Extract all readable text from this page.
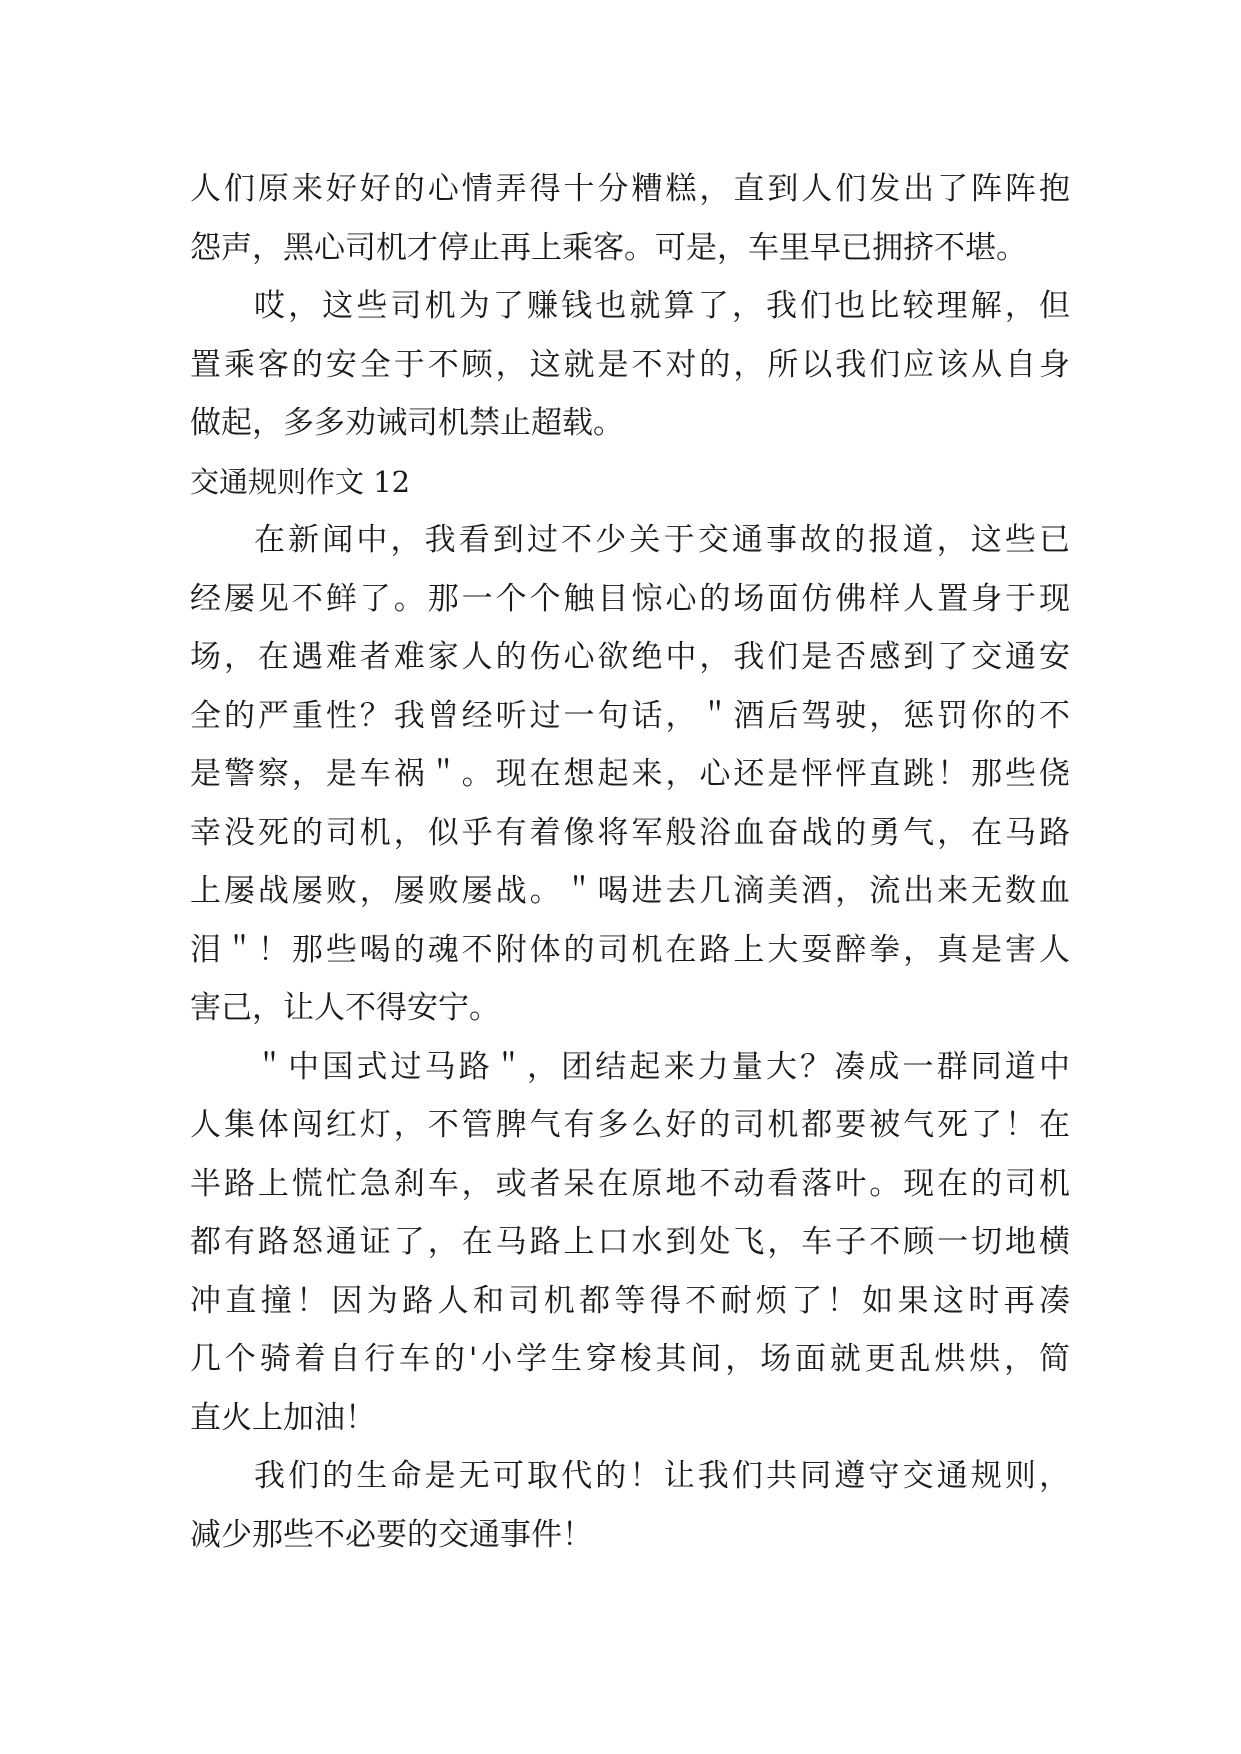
人们原来好好的心情弄得十分糟糕，直到人们发出了阵阵抱
怨声，黑心司机才停止再上乘客。可是，车里早已拥挤不堪。
哎，这些司机为了赚钱也就算了，我们也比较理解，但
置乘客的安全于不顾，这就是不对的，所以我们应该从自身
做起，多多劝诫司机禁止超载。
交通规则作文 12
在新闻中，我看到过不少关于交通事故的报道，这些已
经屡见不鲜了。那一个个触目惊心的场面仿佛样人置身于现
场，在遇难者难家人的伤心欲绝中，我们是否感到了交通安
全的严重性？我曾经听过一句话，＂酒后驾驶，惩罚你的不
是警察，是车祸＂。现在想起来，心还是怦怦直跳！那些侥
幸没死的司机，似乎有着像将军般浴血奋战的勇气，在马路
上屡战屡败，屡败屡战。＂喝进去几滴美酒，流出来无数血
泪＂！那些喝的魂不附体的司机在路上大耍醉拳，真是害人
害己，让人不得安宁。
＂中国式过马路＂，团结起来力量大？凑成一群同道中
人集体闯红灯，不管脾气有多么好的司机都要被气死了！在
半路上慌忙急刹车，或者呆在原地不动看落叶。现在的司机
都有路怒通证了，在马路上口水到处飞，车子不顾一切地横
冲直撞！因为路人和司机都等得不耐烦了！如果这时再凑
几个骑着自行车的'小学生穿梭其间，场面就更乱烘烘，简
直火上加油！
我们的生命是无可取代的！让我们共同遵守交通规则，
减少那些不必要的交通事件！
